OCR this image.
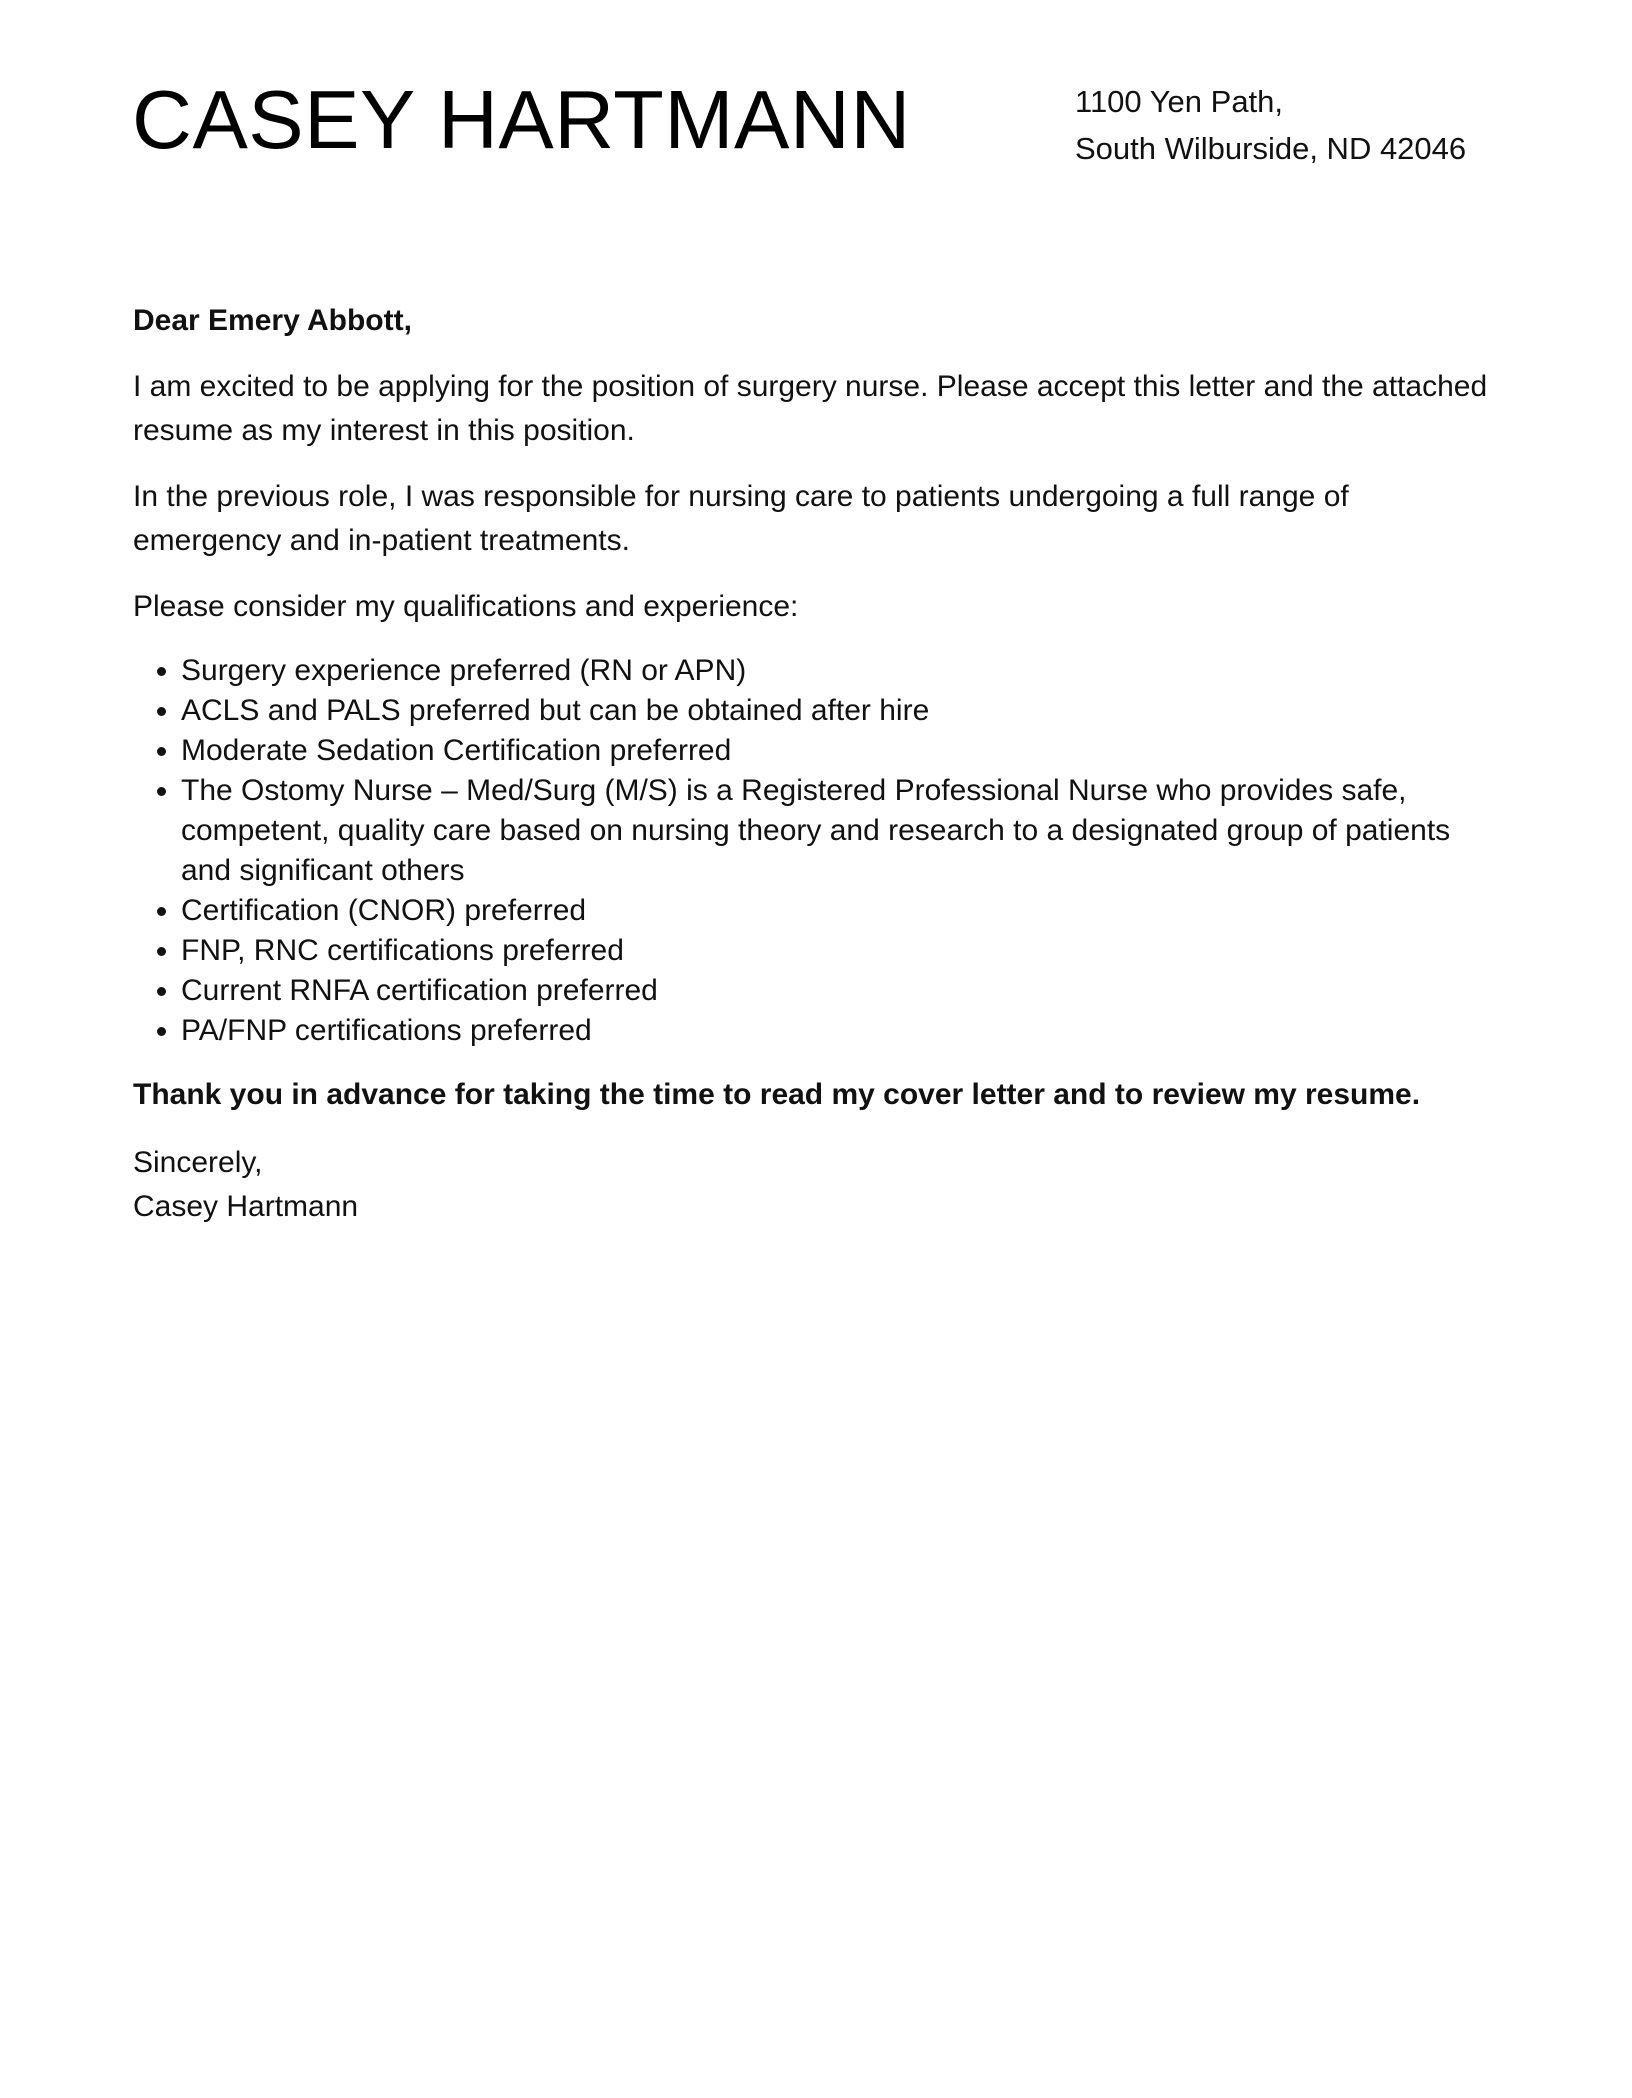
CASEY HARTMANN	1100 Yen Path,
South Wilburside, ND 42046

Dear Emery Abbott,

I am excited to be applying for the position of surgery nurse. Please accept this letter and the attached resume as my interest in this position.

In the previous role, I was responsible for nursing care to patients undergoing a full range of emergency and in-patient treatments.

Please consider my qualifications and experience:

• Surgery experience preferred (RN or APN)
• ACLS and PALS preferred but can be obtained after hire
• Moderate Sedation Certification preferred
• The Ostomy Nurse – Med/Surg (M/S) is a Registered Professional Nurse who provides safe, competent, quality care based on nursing theory and research to a designated group of patients and significant others
• Certification (CNOR) preferred
• FNP, RNC certifications preferred
• Current RNFA certification preferred
• PA/FNP certifications preferred

Thank you in advance for taking the time to read my cover letter and to review my resume.

Sincerely,
Casey Hartmann
